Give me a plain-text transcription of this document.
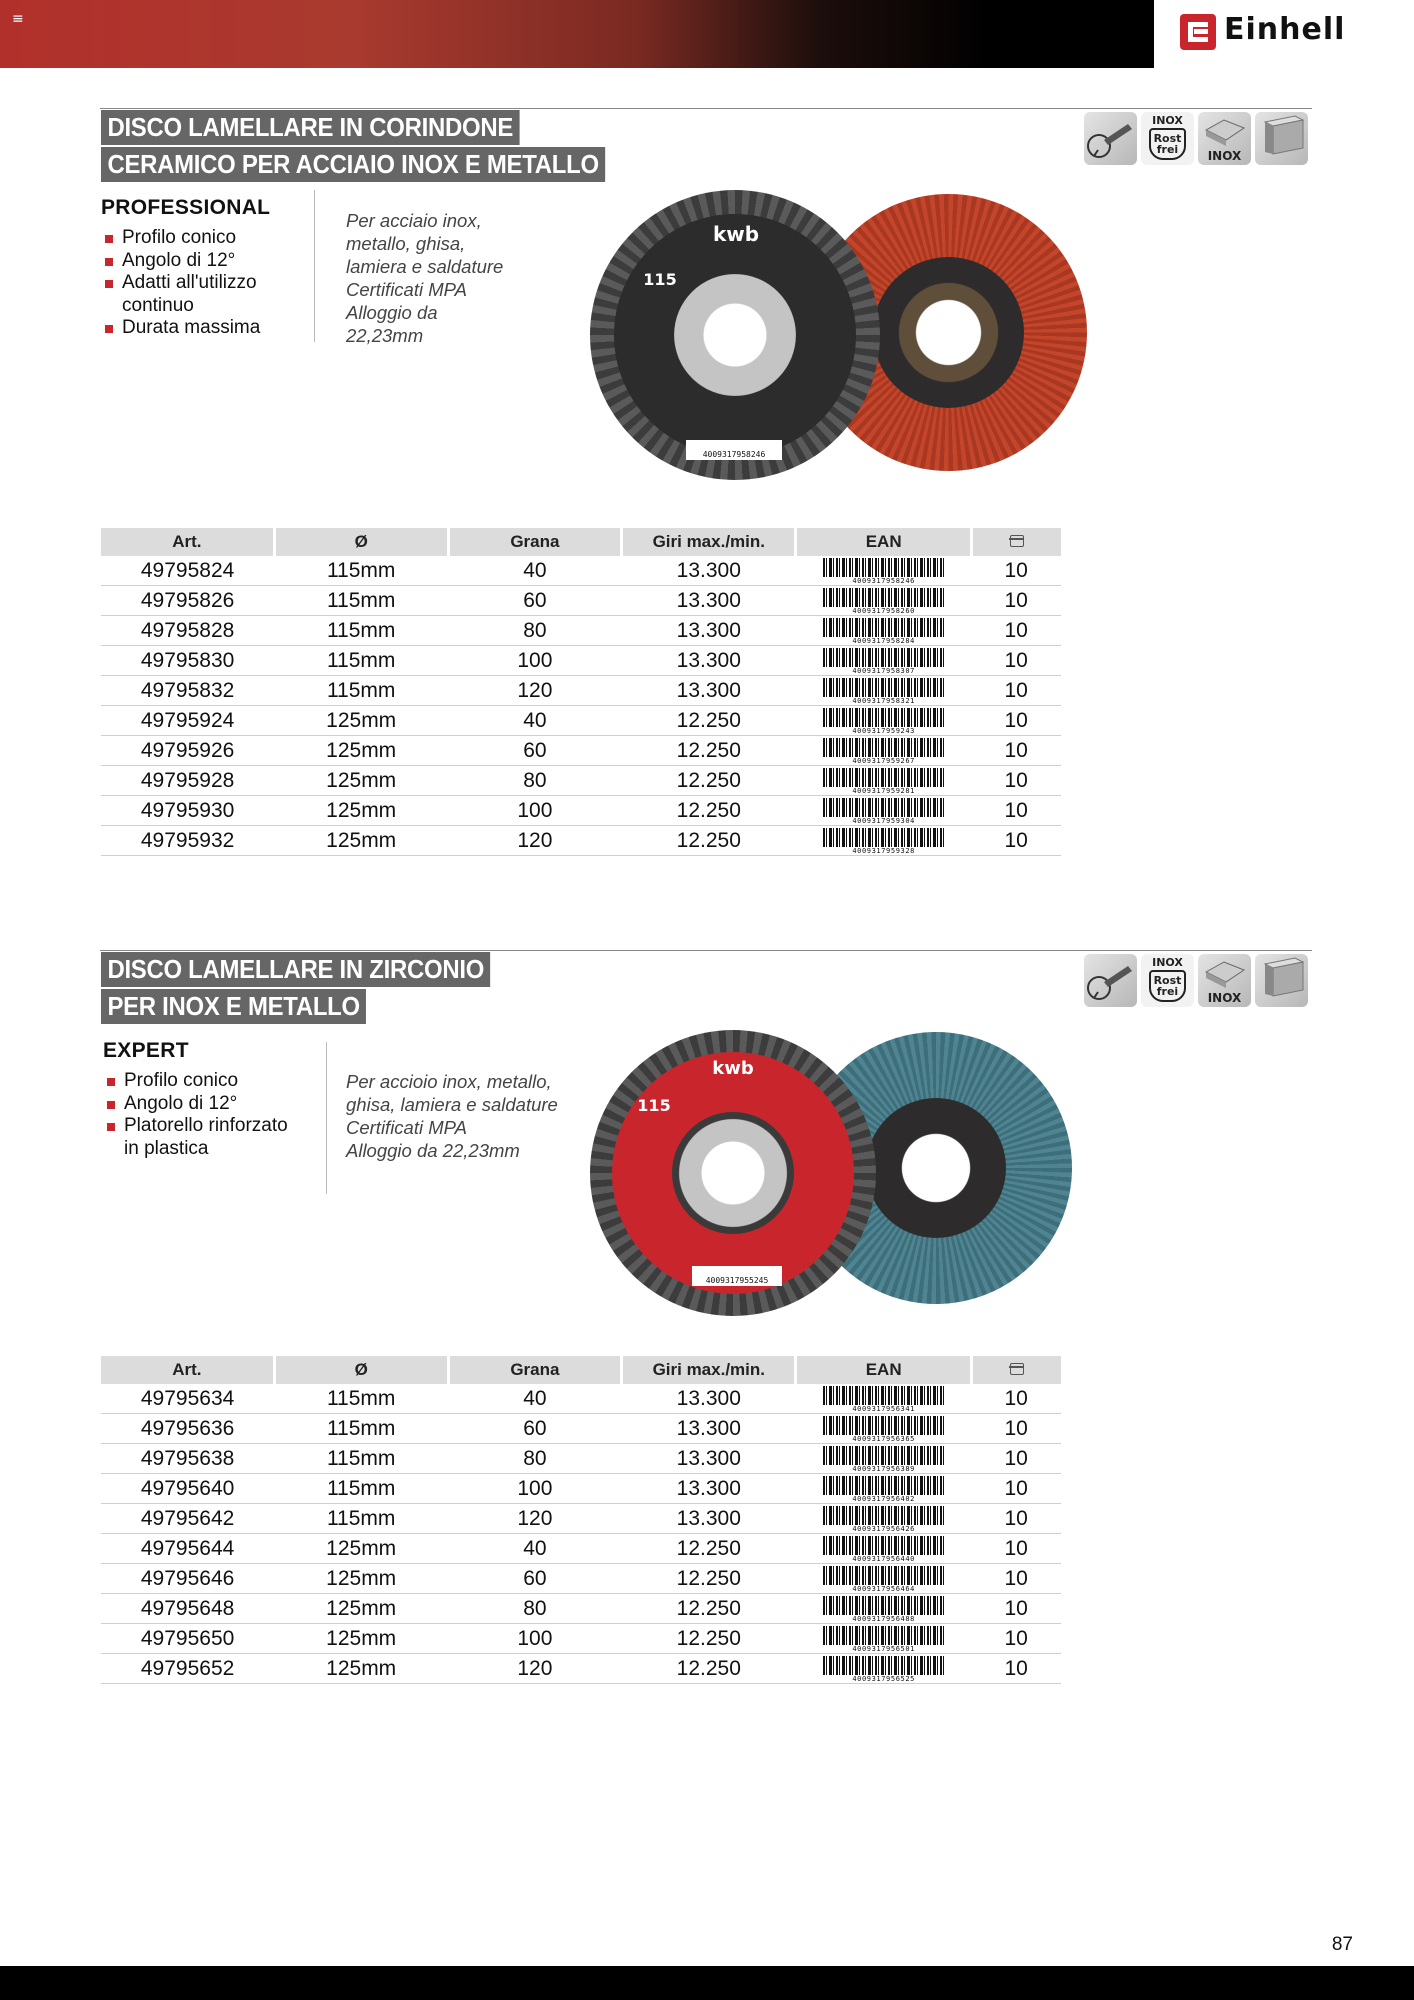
≡	Einhell
DISCO LAMELLARE IN CORINDONE
CERAMICO PER ACCIAIO INOX E METALLO
INOX
Rost frei	INOX
PROFESSIONAL
Profilo conico
Angolo di 12°
Adatti all'utilizzo
continuo
Durata massima
Per acciaio inox,
metallo, ghisa,
lamiera e saldature
Certificati MPA
Alloggio da
22,23mm
kwb
115
4009317958246
Art.	Ø	Grana	Giri max./min.	EAN	
49795824	115mm	40	13.300	4009317958246	10
49795826	115mm	60	13.300	4009317958260	10
49795828	115mm	80	13.300	4009317958284	10
49795830	115mm	100	13.300	4009317958307	10
49795832	115mm	120	13.300	4009317958321	10
49795924	125mm	40	12.250	4009317959243	10
49795926	125mm	60	12.250	4009317959267	10
49795928	125mm	80	12.250	4009317959281	10
49795930	125mm	100	12.250	4009317959304	10
49795932	125mm	120	12.250	4009317959328	10
DISCO LAMELLARE IN ZIRCONIO
PER INOX E METALLO
INOX
Rost frei	INOX
EXPERT
Profilo conico
Angolo di 12°
Platorello rinforzato
in plastica
Per accioio inox, metallo,
ghisa, lamiera e saldature
Certificati MPA
Alloggio da 22,23mm
kwb
115
4009317955245
Art.	Ø	Grana	Giri max./min.	EAN	
49795634	115mm	40	13.300	4009317956341	10
49795636	115mm	60	13.300	4009317956365	10
49795638	115mm	80	13.300	4009317956389	10
49795640	115mm	100	13.300	4009317956402	10
49795642	115mm	120	13.300	4009317956426	10
49795644	125mm	40	12.250	4009317956440	10
49795646	125mm	60	12.250	4009317956464	10
49795648	125mm	80	12.250	4009317956488	10
49795650	125mm	100	12.250	4009317956501	10
49795652	125mm	120	12.250	4009317956525	10
87
